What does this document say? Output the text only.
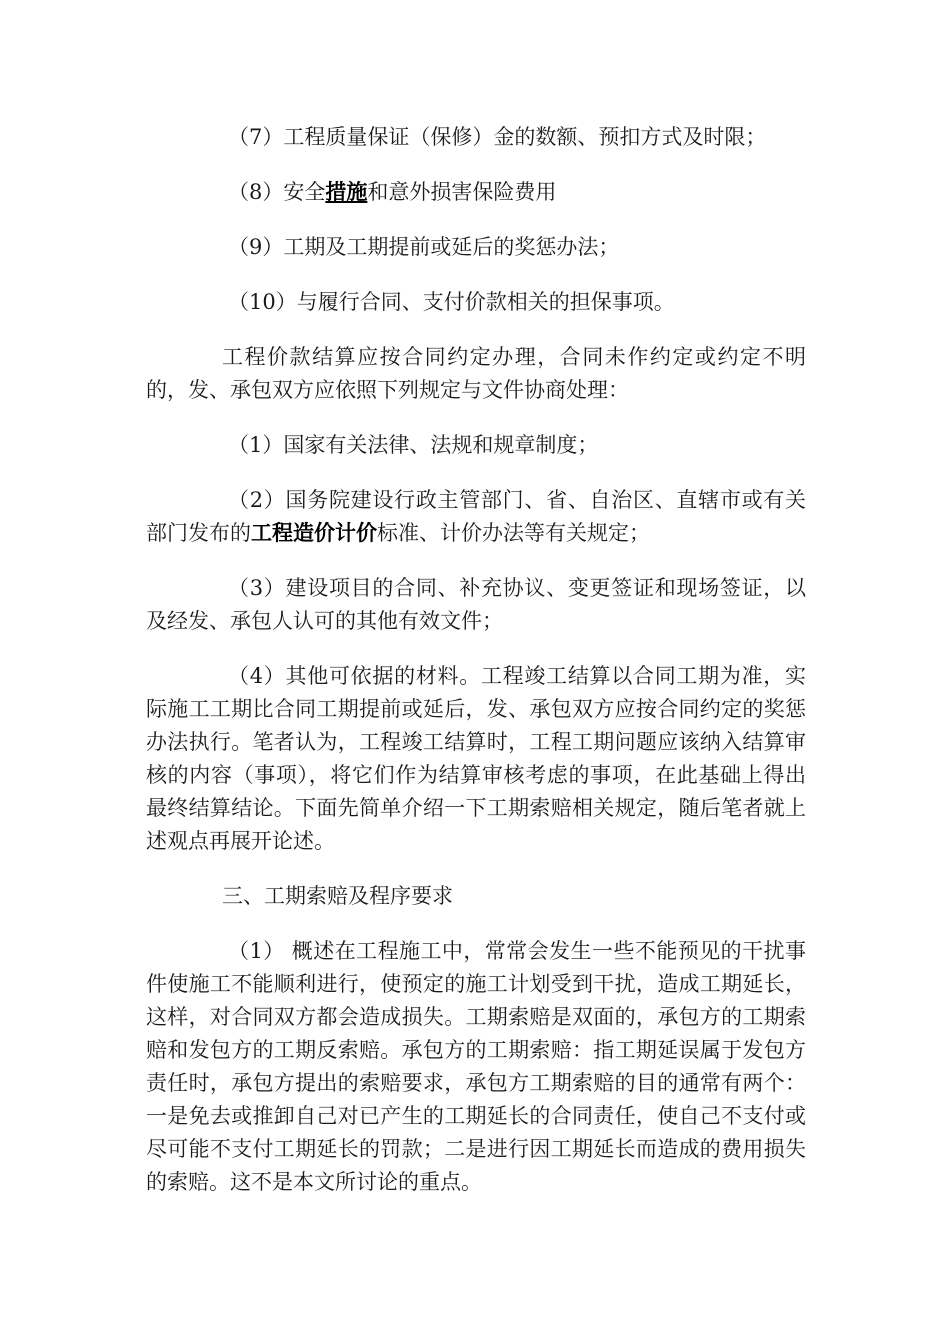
（7）工程质量保证（保修）金的数额、预扣方式及时限；

（8）安全措施和意外损害保险费用

（9）工期及工期提前或延后的奖惩办法；

（10）与履行合同、支付价款相关的担保事项。

工程价款结算应按合同约定办理，合同未作约定或约定不明的，发、承包双方应依照下列规定与文件协商处理：

（1）国家有关法律、法规和规章制度；

（2）国务院建设行政主管部门、省、自治区、直辖市或有关部门发布的工程造价计价标准、计价办法等有关规定；

（3）建设项目的合同、补充协议、变更签证和现场签证，以及经发、承包人认可的其他有效文件；

（4）其他可依据的材料。工程竣工结算以合同工期为准，实际施工工期比合同工期提前或延后，发、承包双方应按合同约定的奖惩办法执行。笔者认为，工程竣工结算时，工程工期问题应该纳入结算审核的内容（事项），将它们作为结算审核考虑的事项，在此基础上得出最终结算结论。下面先简单介绍一下工期索赔相关规定，随后笔者就上述观点再展开论述。

三、工期索赔及程序要求

（1） 概述在工程施工中，常常会发生一些不能预见的干扰事件使施工不能顺利进行，使预定的施工计划受到干扰，造成工期延长，这样，对合同双方都会造成损失。工期索赔是双面的，承包方的工期索赔和发包方的工期反索赔。承包方的工期索赔：指工期延误属于发包方责任时，承包方提出的索赔要求，承包方工期索赔的目的通常有两个：一是免去或推卸自己对已产生的工期延长的合同责任，使自己不支付或尽可能不支付工期延长的罚款；二是进行因工期延长而造成的费用损失的索赔。这不是本文所讨论的重点。
